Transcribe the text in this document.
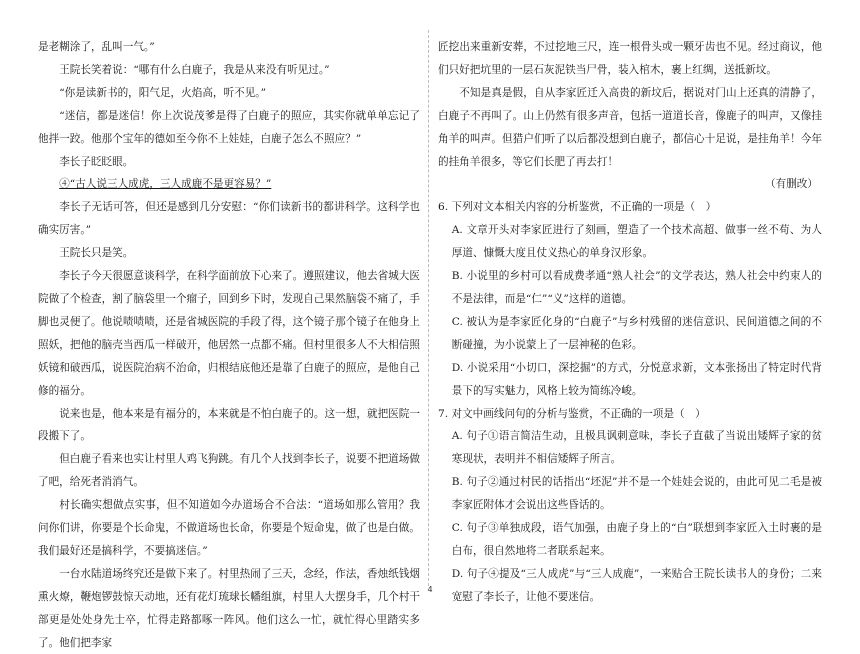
是老糊涂了，乱叫一气。”

王院长笑着说：“哪有什么白鹿子，我是从来没有听见过。”

“你是读新书的，阳气足，火焰高，听不见。”

“迷信，都是迷信！你上次说茂爹是得了白鹿子的照应，其实你就单单忘记了他拌一跤。他那个宝年的德如至今你不上娃娃，白鹿子怎么不照应？”

李长子眨眨眼。

④“古人说三人成虎，三人成鹿不是更容易？”

李长子无话可答，但还是感到几分安慰：“你们读新书的都讲科学。这科学也确实厉害。”

王院长只是笑。

李长子今天很愿意谈科学，在科学面前放下心来了。遵照建议，他去省城大医院做了个检查，割了脑袋里一个瘤子，回到乡下时，发现自己果然脑袋不痛了，手脚也灵便了。他说啧啧啧，还是省城医院的手段了得，这个镜子那个镜子在他身上照妖，把他的脑壳当西瓜一样破开，他居然一点都不痛。但村里很多人不大相信照妖镜和破西瓜，说医院治病不治命，归根结底他还是靠了白鹿子的照应，是他自己修的福分。

说来也是，他本来是有福分的，本来就是不怕白鹿子的。这一想，就把医院一段搬下了。

但白鹿子看来也实让村里人鸡飞狗跳。有几个人找到李长子，说要不把道场做了吧，给死者消消气。

村长确实想做点实事，但不知道如今办道场合不合法：“道场如那么管用？我问你们讲，你要是个长命鬼，不做道场也长命，你要是个短命鬼，做了也是白做。我们最好还是搞科学，不要搞迷信。”

一台水陆道场终究还是做下来了。村里热闹了三天，念经，作法，香烛纸钱烟熏火燎，鞭炮锣鼓惊天动地，还有花灯琉球长幡组旗，村里人大摆身手，几个村干部更是处处身先士卒，忙得走路都啄一阵风。他们这么一忙，就忙得心里踏实多了。他们把李家

匠挖出来重新安葬，不过挖地三尺，连一根骨头或一颗牙齿也不见。经过商议，他们只好把坑里的一层石灰泥铁当尸骨，装入棺木，裹上红绸，送抵新坟。

不知是真是假，自从李家匠迁入高贵的新坟后，据说对门山上还真的清静了，白鹿子不再叫了。山上仍然有很多声音，包括一道道长音，像鹿子的叫声，又像挂角羊的叫声。但猎户们听了以后都没想到白鹿子，都信心十足说，是挂角羊！今年的挂角羊很多，等它们长肥了再去打！

（有删改）

6. 下列对文本相关内容的分析鉴赏，不正确的一项是（　）

A. 文章开头对李家匠进行了刻画，塑造了一个技术高超、做事一丝不苟、为人厚道、慷慨大度且仗义热心的单身汉形象。

B. 小说里的乡村可以看成费孝通“熟人社会”的文学表达，熟人社会中约束人的不是法律，而是“仁”“义”这样的道德。

C. 被认为是李家匠化身的“白鹿子”与乡村残留的迷信意识、民间道德之间的不断碰撞，为小说蒙上了一层神秘的色彩。

D. 小说采用“小切口，深挖掘”的方式，分悦意求新，文本张扬出了特定时代背景下的写实魅力，风格上较为简练冷峻。

7. 对文中画线问句的分析与鉴赏，不正确的一项是（　）

A. 句子①语言简洁生动，且极具讽刺意味，李长子直截了当说出矮辉子家的贫寒现状，表明并不相信矮辉子所言。

B. 句子②通过村民的话指出“坯泥”并不是一个娃娃会说的，由此可见二毛是被李家匠附体才会说出这些昏话的。

C. 句子③单独成段，语气加强，由鹿子身上的“白”联想到李家匠入土时裹的是白布，很自然地将二者联系起来。

D. 句子④提及“三人成虎”与“三人成鹿”，一来贴合王院长读书人的身份；二来宽慰了李长子，让他不要迷信。

4
